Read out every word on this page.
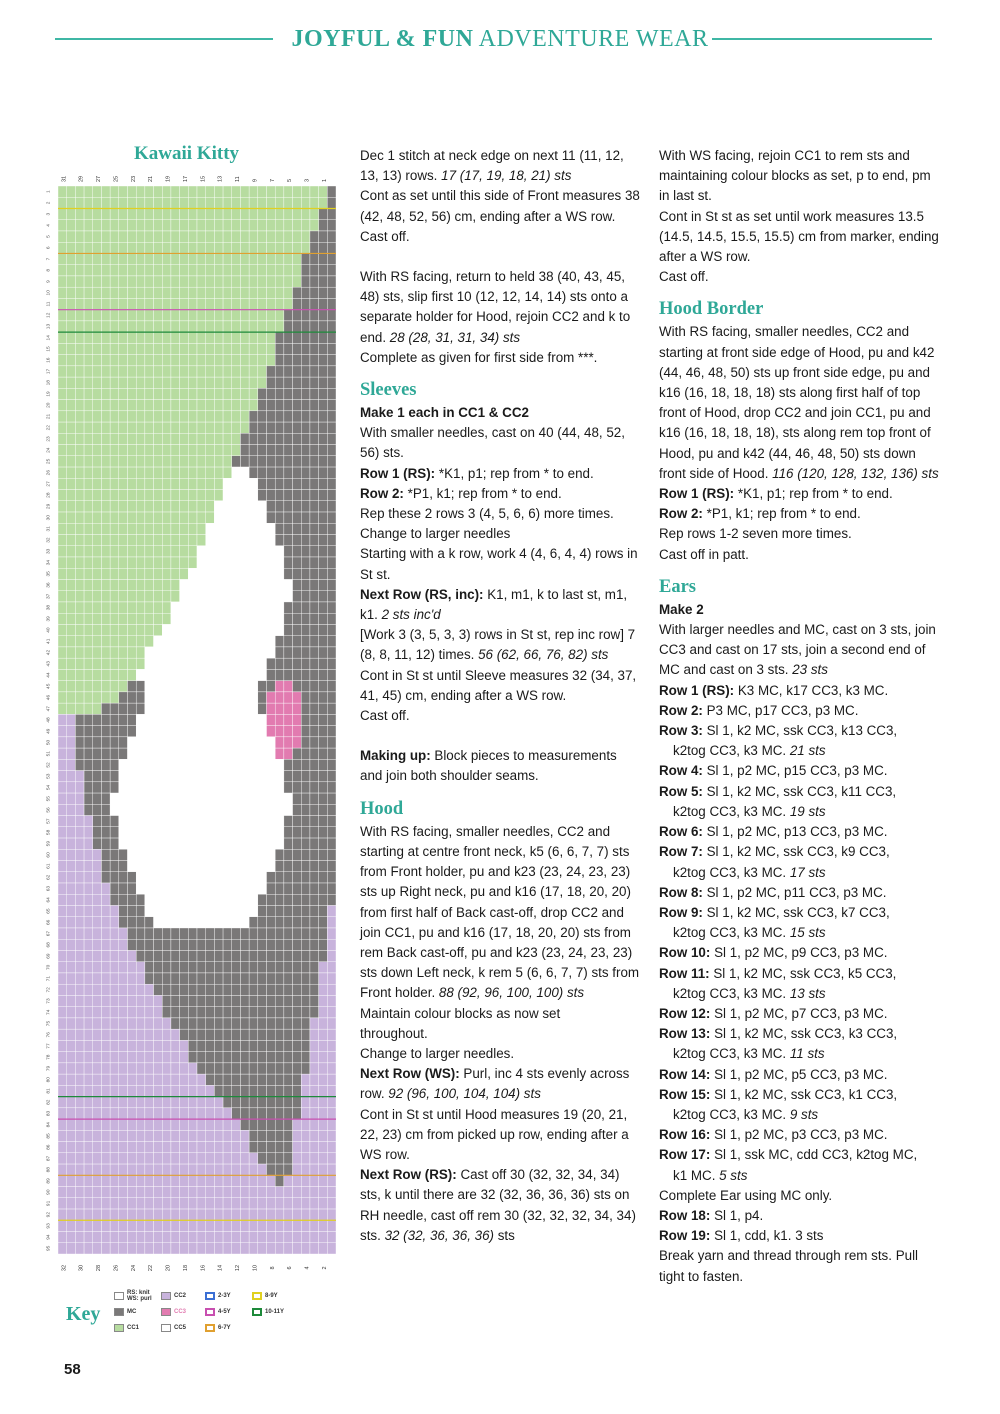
JOYFUL & FUN ADVENTURE WEAR
Kawaii Kitty
31 29 27 25 23 21 19 17 15 13 11 9 7 5 3 1
32 30 28 26 24 22 20 18 16 14 12 10 8 6 4 2
1
2
3
4
5
6
7
8
9
10
11
12
13
14
15
16
17
18
19
20
21
22
23
24
25
26
27
28
29
30
31
32
33
34
35
36
37
38
39
40
41
42
43
44
45
46
47
48
49
50
51
52
53
54
55
56
57
58
59
60
61
62
63
64
65
66
67
68
69
70
71
72
73
74
75
76
77
78
79
80
81
82
83
84
85
86
87
88
89
90
91
92
93
94
95
Key
RS: knit WS: purl
MC
CC1
CC2
CC3
CC5
2-3Y
4-5Y
6-7Y
8-9Y
10-11Y

Dec 1 stitch at neck edge on next 11 (11, 12, 13, 13) rows. 17 (17, 19, 18, 21) sts

Cont as set until this side of Front measures 38 (42, 48, 52, 56) cm, ending after a WS row.

Cast off.

With RS facing, return to held 38 (40, 43, 45, 48) sts, slip first 10 (12, 12, 14, 14) sts onto a separate holder for Hood, rejoin CC2 and k to end. 28 (28, 31, 31, 34) sts

Complete as given for first side from ***.

Sleeves

Make 1 each in CC1 & CC2

With smaller needles, cast on 40 (44, 48, 52, 56) sts.

Row 1 (RS): *K1, p1; rep from * to end.

Row 2: *P1, k1; rep from * to end.

Rep these 2 rows 3 (4, 5, 6, 6) more times.

Change to larger needles

Starting with a k row, work 4 (4, 6, 4, 4) rows in St st.

Next Row (RS, inc): K1, m1, k to last st, m1, k1. 2 sts inc'd

[Work 3 (3, 5, 3, 3) rows in St st, rep inc row] 7 (8, 8, 11, 12) times. 56 (62, 66, 76, 82) sts

Cont in St st until Sleeve measures 32 (34, 37, 41, 45) cm, ending after a WS row.

Cast off.

Making up: Block pieces to measurements and join both shoulder seams.

Hood

With RS facing, smaller needles, CC2 and starting at centre front neck, k5 (6, 6, 7, 7) sts from Front holder, pu and k23 (23, 24, 23, 23) sts up Right neck, pu and k16 (17, 18, 20, 20) from first half of Back cast-off, drop CC2 and join CC1, pu and k16 (17, 18, 20, 20) sts from rem Back cast-off, pu and k23 (23, 24, 23, 23) sts down Left neck, k rem 5 (6, 6, 7, 7) sts from Front holder. 88 (92, 96, 100, 100) sts

Maintain colour blocks as now set throughout.

Change to larger needles.

Next Row (WS): Purl, inc 4 sts evenly across row. 92 (96, 100, 104, 104) sts

Cont in St st until Hood measures 19 (20, 21, 22, 23) cm from picked up row, ending after a WS row.

Next Row (RS): Cast off 30 (32, 32, 34, 34) sts, k until there are 32 (32, 36, 36, 36) sts on RH needle, cast off rem 30 (32, 32, 32, 34, 34) sts. 32 (32, 36, 36, 36) sts

With WS facing, rejoin CC1 to rem sts and maintaining colour blocks as set, p to end, pm in last st.

Cont in St st as set until work measures 13.5 (14.5, 14.5, 15.5, 15.5) cm from marker, ending after a WS row.

Cast off.

Hood Border

With RS facing, smaller needles, CC2 and starting at front side edge of Hood, pu and k42 (44, 46, 48, 50) sts up front side edge, pu and k16 (16, 18, 18, 18) sts along first half of top front of Hood, drop CC2 and join CC1, pu and k16 (16, 18, 18, 18), sts along rem top front of Hood, pu and k42 (44, 46, 48, 50) sts down front side of Hood. 116 (120, 128, 132, 136) sts

Row 1 (RS): *K1, p1; rep from * to end.

Row 2: *P1, k1; rep from * to end.

Rep rows 1-2 seven more times.

Cast off in patt.

Ears

Make 2

With larger needles and MC, cast on 3 sts, join CC3 and cast on 17 sts, join a second end of MC and cast on 3 sts. 23 sts

Row 1 (RS): K3 MC, k17 CC3, k3 MC.

Row 2: P3 MC, p17 CC3, p3 MC.

Row 3: Sl 1, k2 MC, ssk CC3, k13 CC3,

k2tog CC3, k3 MC. 21 sts

Row 4: Sl 1, p2 MC, p15 CC3, p3 MC.

Row 5: Sl 1, k2 MC, ssk CC3, k11 CC3,

k2tog CC3, k3 MC. 19 sts

Row 6: Sl 1, p2 MC, p13 CC3, p3 MC.

Row 7: Sl 1, k2 MC, ssk CC3, k9 CC3,

k2tog CC3, k3 MC. 17 sts

Row 8: Sl 1, p2 MC, p11 CC3, p3 MC.

Row 9: Sl 1, k2 MC, ssk CC3, k7 CC3,

k2tog CC3, k3 MC. 15 sts

Row 10: Sl 1, p2 MC, p9 CC3, p3 MC.

Row 11: Sl 1, k2 MC, ssk CC3, k5 CC3,

k2tog CC3, k3 MC. 13 sts

Row 12: Sl 1, p2 MC, p7 CC3, p3 MC.

Row 13: Sl 1, k2 MC, ssk CC3, k3 CC3,

k2tog CC3, k3 MC. 11 sts

Row 14: Sl 1, p2 MC, p5 CC3, p3 MC.

Row 15: Sl 1, k2 MC, ssk CC3, k1 CC3,

k2tog CC3, k3 MC. 9 sts

Row 16: Sl 1, p2 MC, p3 CC3, p3 MC.

Row 17: Sl 1, ssk MC, cdd CC3, k2tog MC,

k1 MC. 5 sts

Complete Ear using MC only.

Row 18: Sl 1, p4.

Row 19: Sl 1, cdd, k1. 3 sts

Break yarn and thread through rem sts. Pull tight to fasten.

58
